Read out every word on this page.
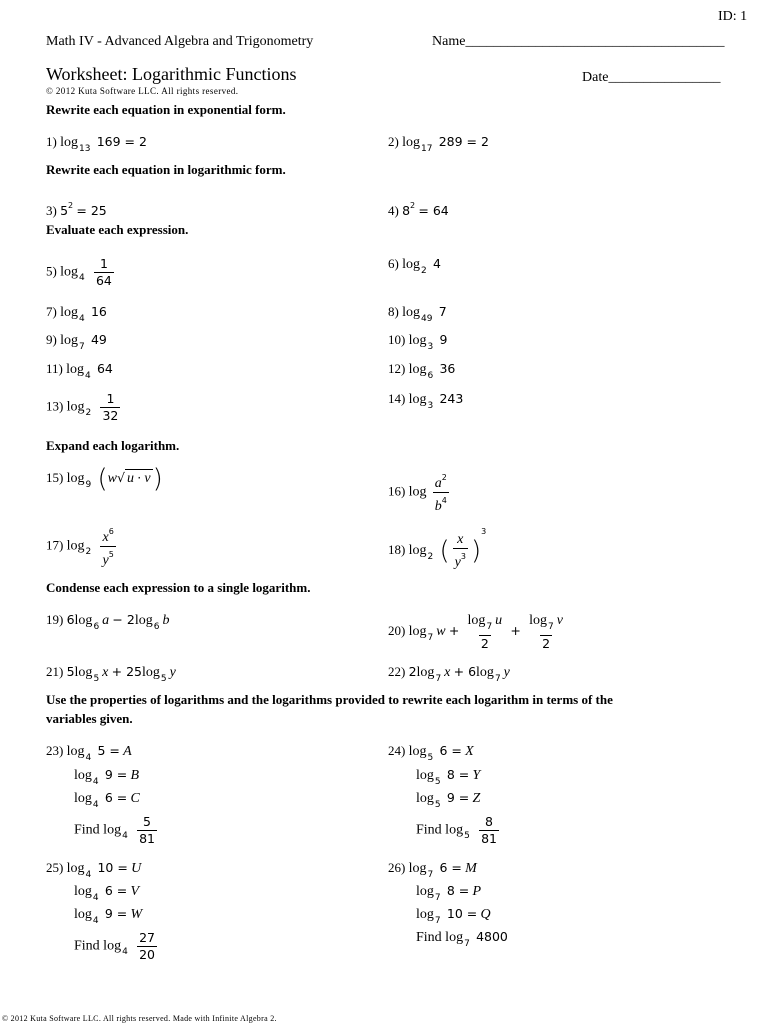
ID: 1
Math IV - Advanced Algebra and Trigonometry	Name_____________________________________
Worksheet: Logarithmic Functions	Date________________
© 2012 Kuta Software LLC. All rights reserved.
Rewrite each equation in exponential form.
1) $\log_{13} 169 = 2$	2) $\log_{17} 289 = 2$
Rewrite each equation in logarithmic form.
3) $5^2 = 25$	4) $8^2 = 64$
Evaluate each expression.
5) $\log_4 \frac{1}{64}$	6) $\log_2 4$
7) $\log_4 16$	8) $\log_{49} 7$
9) $\log_7 49$	10) $\log_3 9$
11) $\log_4 64$	12) $\log_6 36$
13) $\log_2 \frac{1}{32}$	14) $\log_3 243$
Expand each logarithm.
15) $\log_9 (w√$ u · v)	16) $\log \frac{a^2}{b^4}$
17) $\log_2 \frac{x^6}{y^5}$	18) $\log_2$ ( $\frac{x}{y^3} )^3$
Condense each expression to a single logarithm.
19) $6\log_6$ $a - 2\log_6$ b
20) $\log_7 w + \frac{\log_7 u}{2} + \frac{\log_7 v}{2}$
21) $5\log_5$ $x + 25\log_5$ y	22) $2\log_7$ $x + 6\log_7$ y
Use the properties of logarithms and the logarithms provided to rewrite each logarithm in terms of the
variables given.
23) $\log_4 5 = A$
$\log_4 9 = B$
$\log_4 6 = C$
Find $\log_4 \frac{5}{81}$
24) $\log_5 6 = X$
$\log_5 8 = Y$
$\log_5 9 = Z$
Find $\log_5 \frac{8}{81}$
25) $\log_4 10 = U$
$\log_4 6 = V$
$\log_4 9 = W$
Find $\log_4 \frac{27}{20}$
26) $\log_7 6 = M$
$\log_7 8 = P$
$\log_7 10 = Q$
Find $\log_7 4800$
© 2012 Kuta Software LLC. All rights reserved. Made with Infinite Algebra 2.
